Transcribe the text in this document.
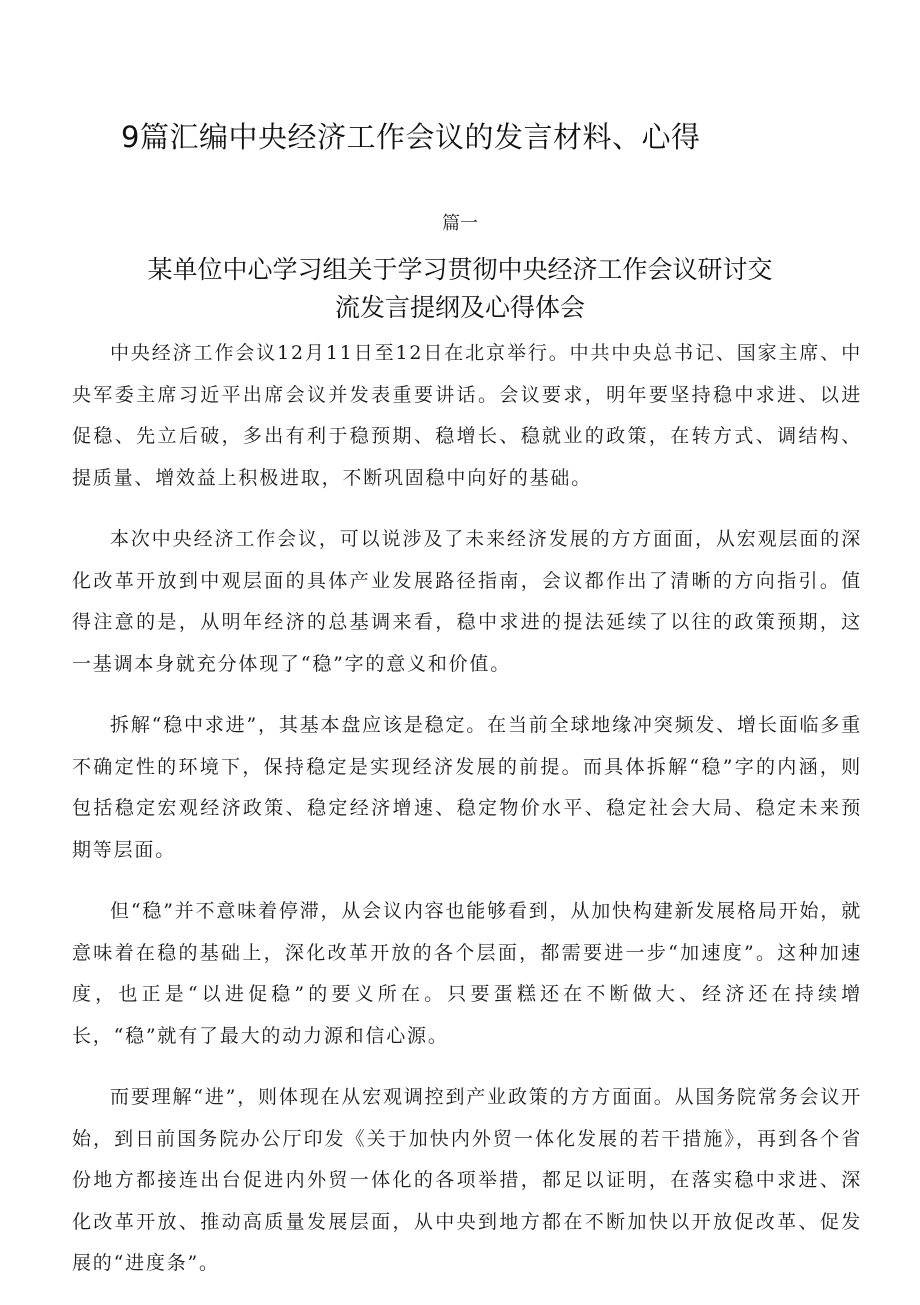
9篇汇编中央经济工作会议的发言材料、心得
篇一
某单位中心学习组关于学习贯彻中央经济工作会议研讨交
流发言提纲及心得体会

中央经济工作会议12月11日至12日在北京举行。中共中央总书记、国家主席、中央军委主席习近平出席会议并发表重要讲话。会议要求，明年要坚持稳中求进、以进促稳、先立后破，多出有利于稳预期、稳增长、稳就业的政策，在转方式、调结构、提质量、增效益上积极进取，不断巩固稳中向好的基础。

本次中央经济工作会议，可以说涉及了未来经济发展的方方面面，从宏观层面的深化改革开放到中观层面的具体产业发展路径指南，会议都作出了清晰的方向指引。值得注意的是，从明年经济的总基调来看，稳中求进的提法延续了以往的政策预期，这一基调本身就充分体现了“稳”字的意义和价值。

拆解“稳中求进”，其基本盘应该是稳定。在当前全球地缘冲突频发、增长面临多重不确定性的环境下，保持稳定是实现经济发展的前提。而具体拆解“稳”字的内涵，则包括稳定宏观经济政策、稳定经济增速、稳定物价水平、稳定社会大局、稳定未来预期等层面。

但“稳”并不意味着停滞，从会议内容也能够看到，从加快构建新发展格局开始，就意味着在稳的基础上，深化改革开放的各个层面，都需要进一步“加速度”。这种加速度，也正是“以进促稳”的要义所在。只要蛋糕还在不断做大、经济还在持续增长，“稳”就有了最大的动力源和信心源。

而要理解“进”，则体现在从宏观调控到产业政策的方方面面。从国务院常务会议开始，到日前国务院办公厅印发《关于加快内外贸一体化发展的若干措施》，再到各个省份地方都接连出台促进内外贸一体化的各项举措，都足以证明，在落实稳中求进、深化改革开放、推动高质量发展层面，从中央到地方都在不断加快以开放促改革、促发展的“进度条”。
